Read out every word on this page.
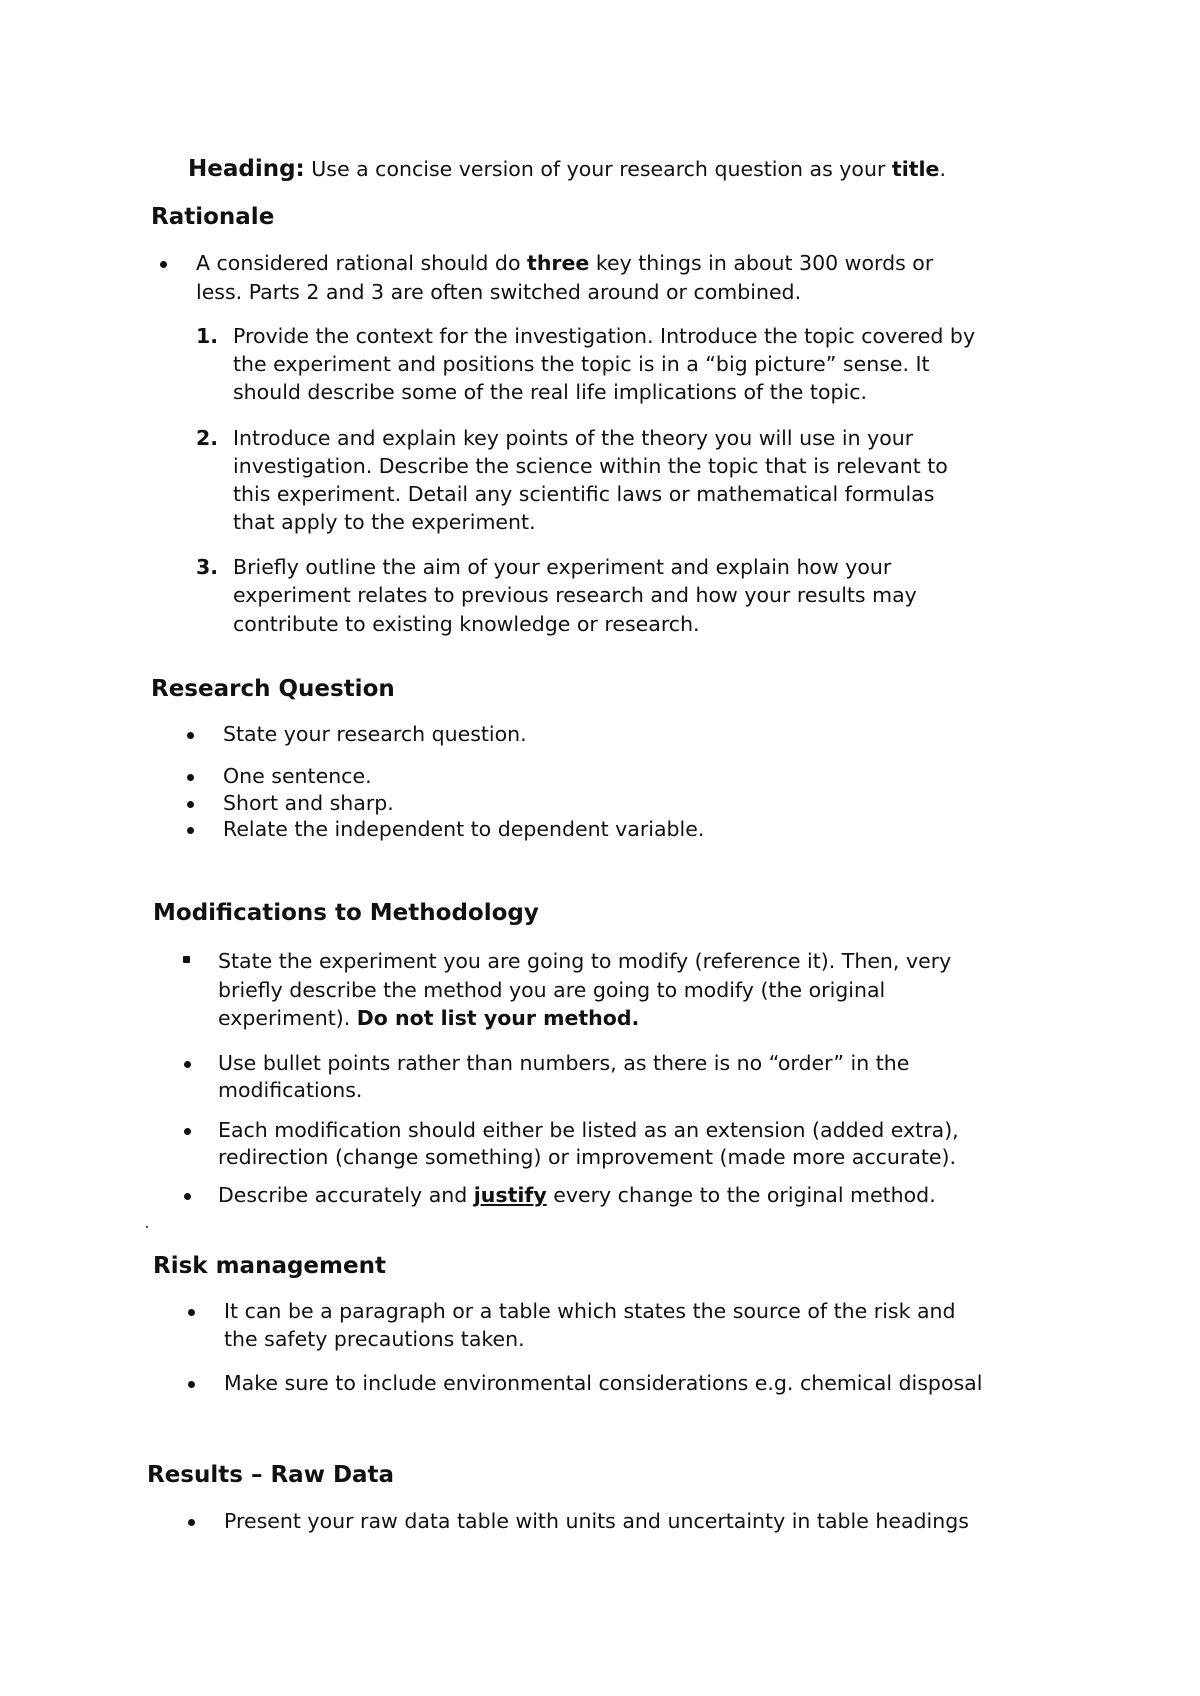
Heading: Use a concise version of your research question as your title.
Rationale
A considered rational should do three key things in about 300 words or
less. Parts 2 and 3 are often switched around or combined.
1. Provide the context for the investigation. Introduce the topic covered by
the experiment and positions the topic is in a “big picture” sense. It
should describe some of the real life implications of the topic.
2. Introduce and explain key points of the theory you will use in your
investigation. Describe the science within the topic that is relevant to
this experiment. Detail any scientific laws or mathematical formulas
that apply to the experiment.
3. Briefly outline the aim of your experiment and explain how your
experiment relates to previous research and how your results may
contribute to existing knowledge or research.
Research Question
State your research question.
One sentence.
Short and sharp.
Relate the independent to dependent variable.
Modifications to Methodology
State the experiment you are going to modify (reference it). Then, very
briefly describe the method you are going to modify (the original
experiment). Do not list your method.
Use bullet points rather than numbers, as there is no “order” in the
modifications.
Each modification should either be listed as an extension (added extra),
redirection (change something) or improvement (made more accurate).
Describe accurately and justify every change to the original method.
Risk management
It can be a paragraph or a table which states the source of the risk and
the safety precautions taken.
Make sure to include environmental considerations e.g. chemical disposal
Results – Raw Data
Present your raw data table with units and uncertainty in table headings
